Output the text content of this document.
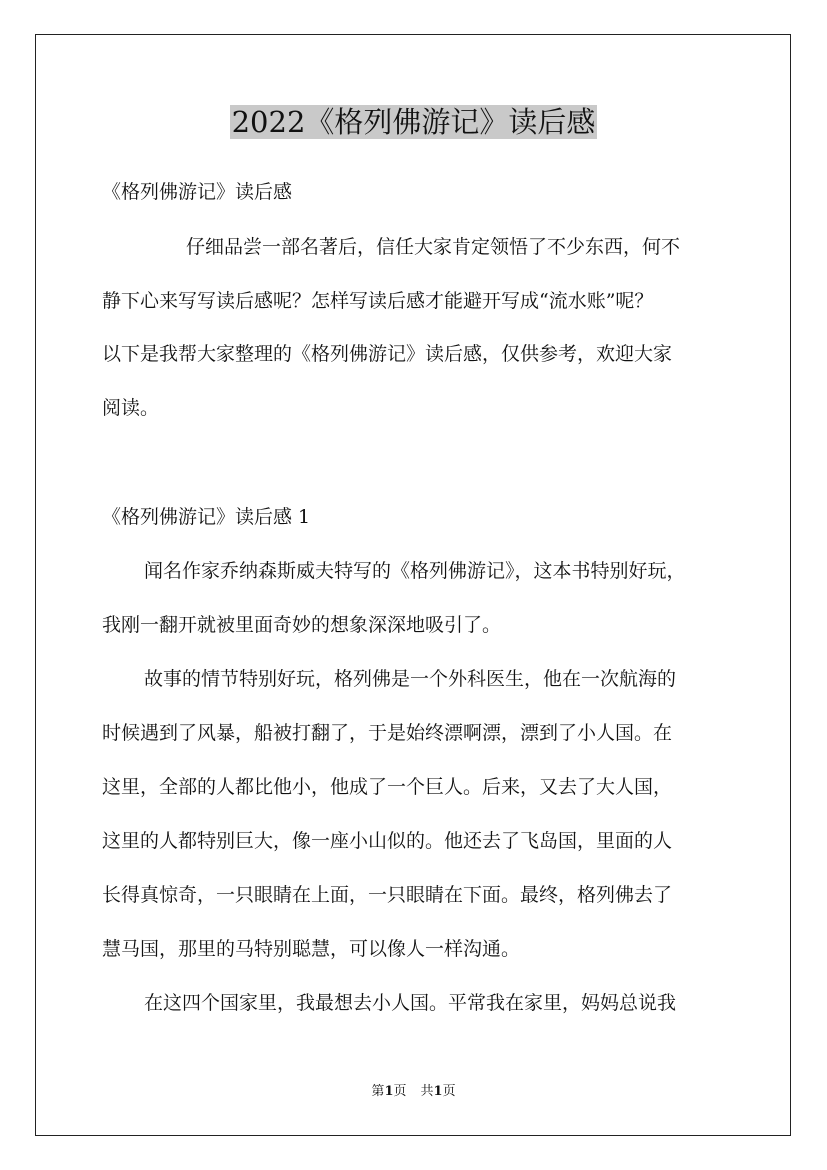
2022《格列佛游记》读后感

《格列佛游记》读后感

仔细品尝一部名著后，信任大家肯定领悟了不少东西，何不

静下心来写写读后感呢？怎样写读后感才能避开写成“流水账”呢？

以下是我帮大家整理的《格列佛游记》读后感，仅供参考，欢迎大家

阅读。

《格列佛游记》读后感 1

闻名作家乔纳森斯威夫特写的《格列佛游记》，这本书特别好玩，

我刚一翻开就被里面奇妙的想象深深地吸引了。

故事的情节特别好玩，格列佛是一个外科医生，他在一次航海的

时候遇到了风暴，船被打翻了，于是始终漂啊漂，漂到了小人国。在

这里，全部的人都比他小，他成了一个巨人。后来，又去了大人国，

这里的人都特别巨大，像一座小山似的。他还去了飞岛国，里面的人

长得真惊奇，一只眼睛在上面，一只眼睛在下面。最终，格列佛去了

慧马国，那里的马特别聪慧，可以像人一样沟通。

在这四个国家里，我最想去小人国。平常我在家里，妈妈总说我

第1页 共1页
